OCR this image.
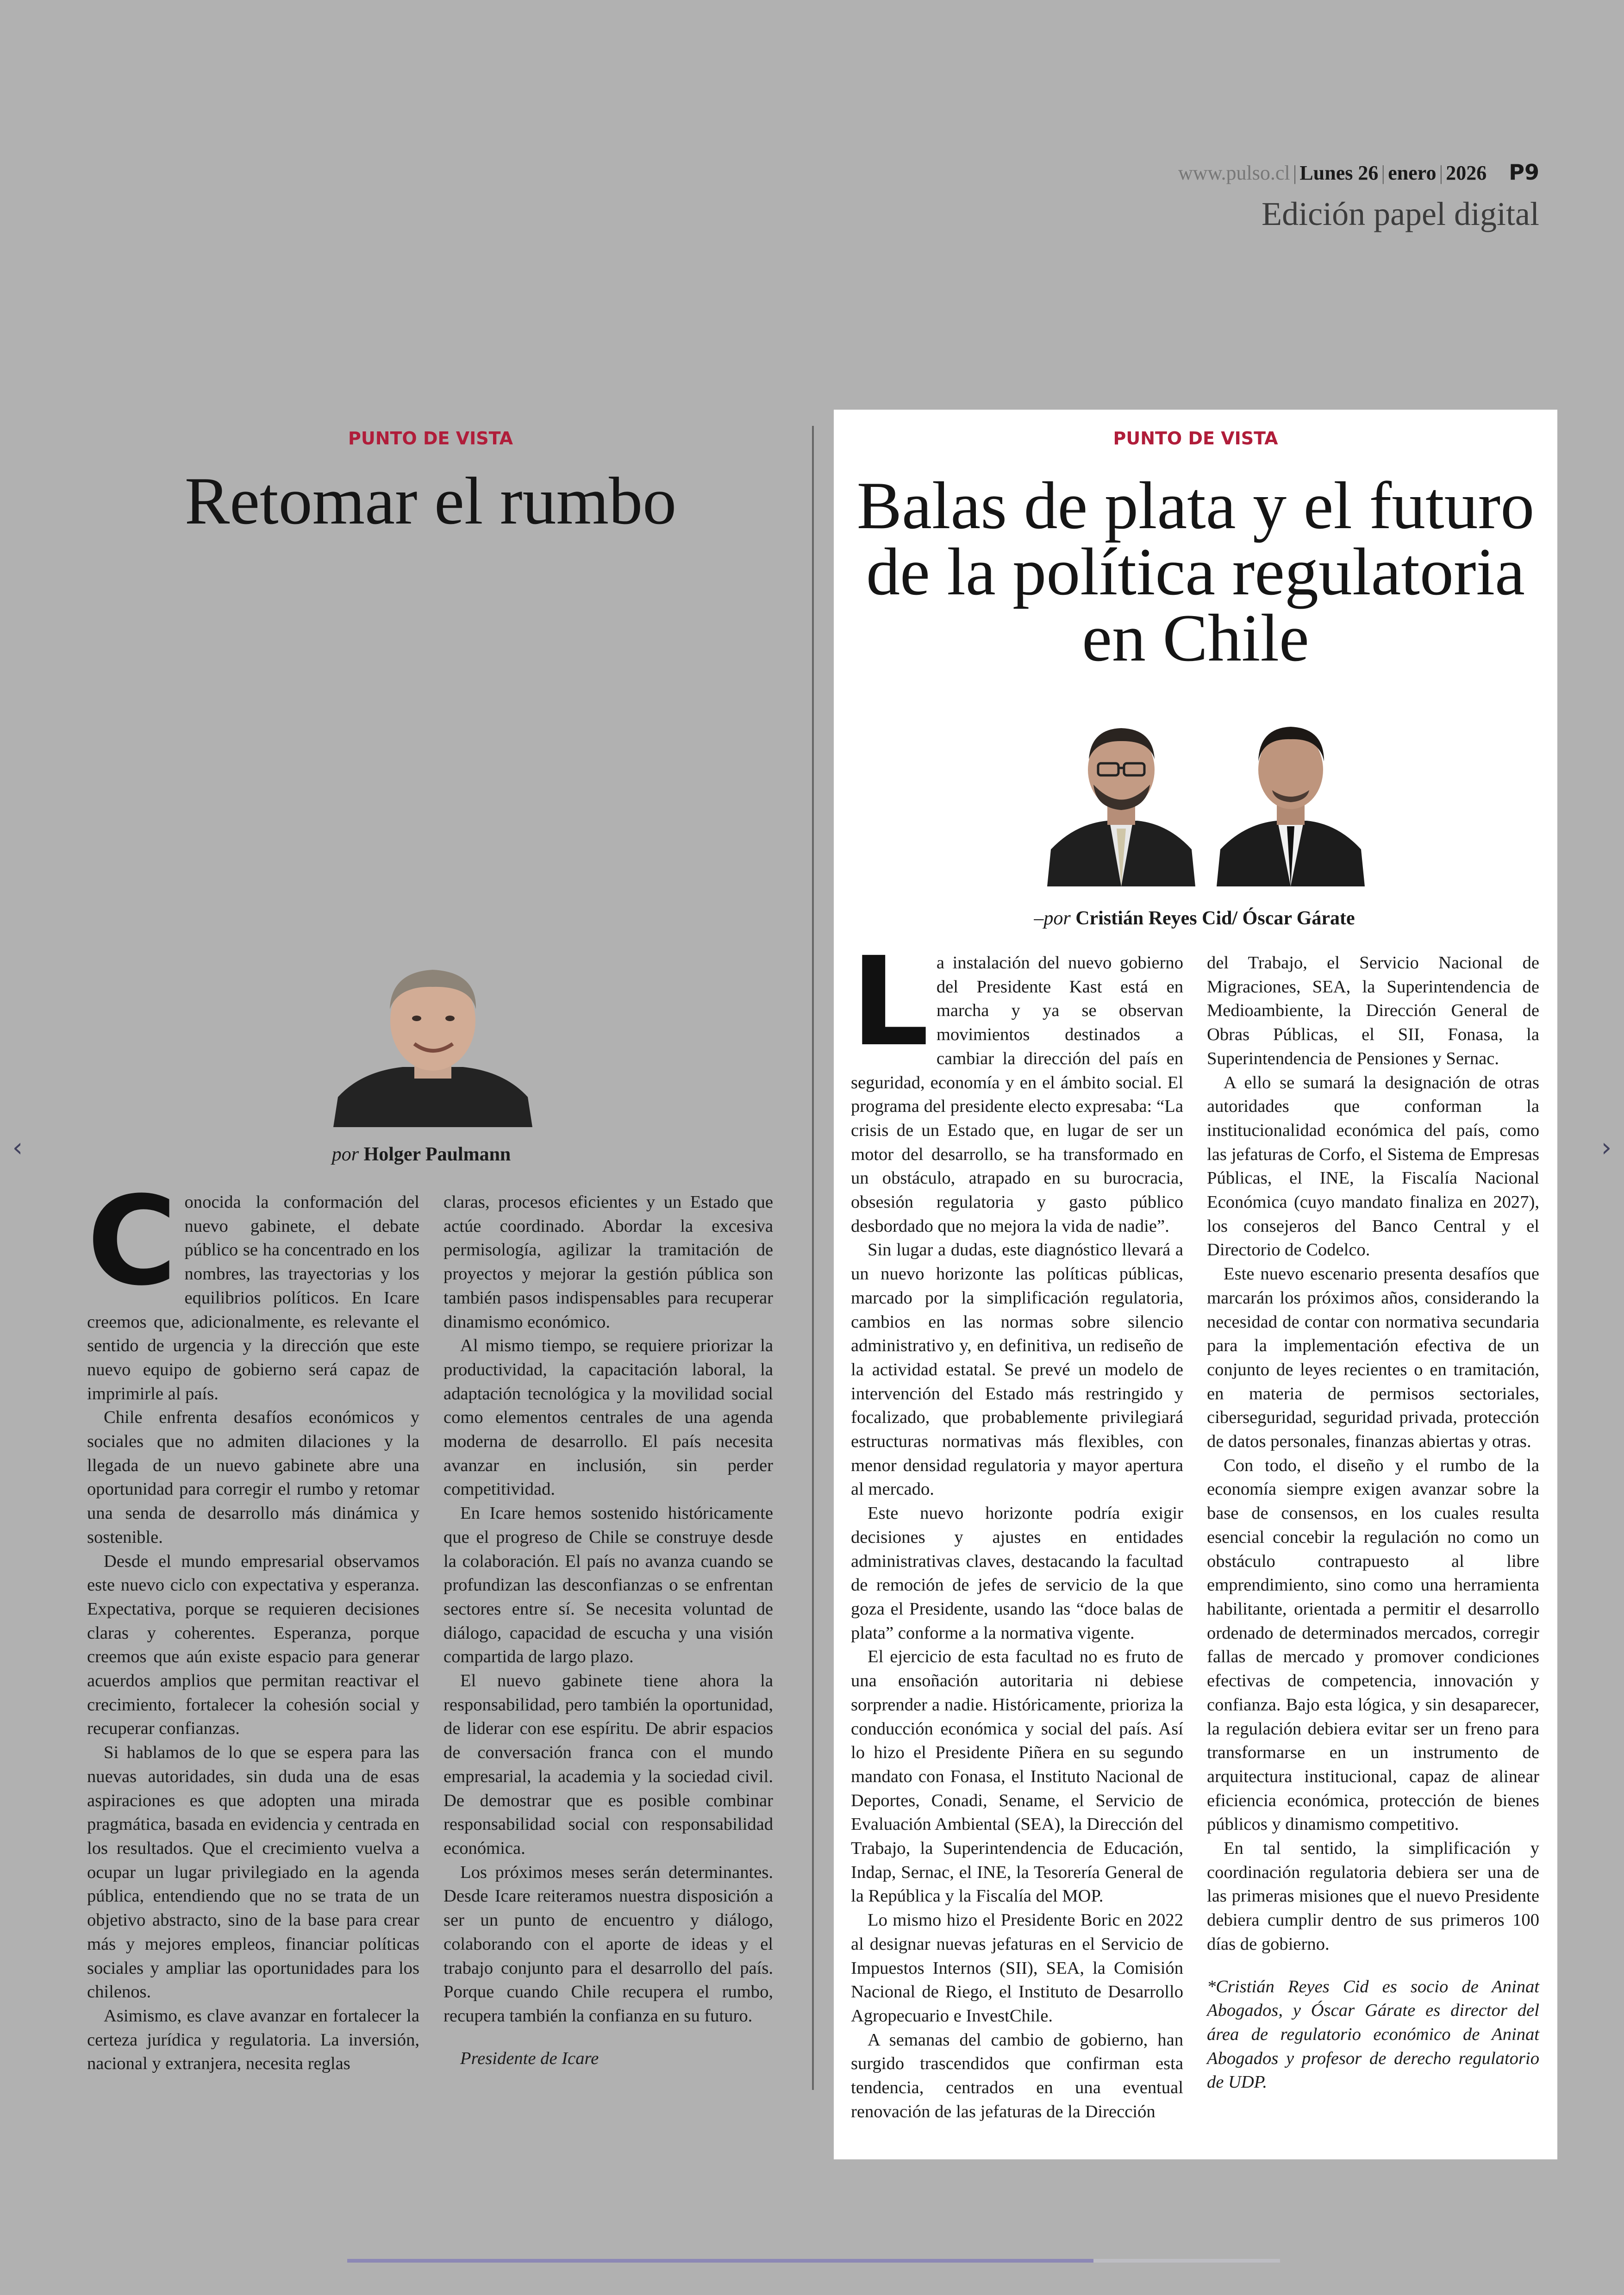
www.pulso.cl | Lunes 26 | enero | 2026 P9
Edición papel digital
‹	›
PUNTO DE VISTA
Retomar el rumbo
por Holger Paulmann

Conocida la conformación del nuevo gabinete, el debate público se ha concentrado en los nombres, las trayectorias y los equilibrios políticos. En Icare creemos que, adicionalmente, es relevante el sentido de urgencia y la dirección que este nuevo equipo de gobierno será capaz de imprimirle al país.

Chile enfrenta desafíos económicos y sociales que no admiten dilaciones y la llegada de un nuevo gabinete abre una oportunidad para corregir el rumbo y retomar una senda de desarrollo más dinámica y sostenible.

Desde el mundo empresarial observamos este nuevo ciclo con expectativa y esperanza. Expectativa, porque se requieren decisiones claras y coherentes. Esperanza, porque creemos que aún existe espacio para generar acuerdos amplios que permitan reactivar el crecimiento, fortalecer la cohesión social y recuperar confianzas.

Si hablamos de lo que se espera para las nuevas autoridades, sin duda una de esas aspiraciones es que adopten una mirada pragmática, basada en evidencia y centrada en los resultados. Que el crecimiento vuelva a ocupar un lugar privilegiado en la agenda pública, entendiendo que no se trata de un objetivo abstracto, sino de la base para crear más y mejores empleos, financiar políticas sociales y ampliar las oportunidades para los chilenos.

Asimismo, es clave avanzar en fortalecer la certeza jurídica y regulatoria. La inversión, nacional y extranjera, necesita reglas

claras, procesos eficientes y un Estado que actúe coordinado. Abordar la excesiva permisología, agilizar la tramitación de proyectos y mejorar la gestión pública son también pasos indispensables para recuperar dinamismo económico.

Al mismo tiempo, se requiere priorizar la productividad, la capacitación laboral, la adaptación tecnológica y la movilidad social como elementos centrales de una agenda moderna de desarrollo. El país necesita avanzar en inclusión, sin perder competitividad.

En Icare hemos sostenido históricamente que el progreso de Chile se construye desde la colaboración. El país no avanza cuando se profundizan las desconfianzas o se enfrentan sectores entre sí. Se necesita voluntad de diálogo, capacidad de escucha y una visión compartida de largo plazo.

El nuevo gabinete tiene ahora la responsabilidad, pero también la oportunidad, de liderar con ese espíritu. De abrir espacios de conversación franca con el mundo empresarial, la academia y la sociedad civil. De demostrar que es posible combinar responsabilidad social con responsabilidad económica.

Los próximos meses serán determinantes. Desde Icare reiteramos nuestra disposición a ser un punto de encuentro y diálogo, colaborando con el aporte de ideas y el trabajo conjunto para el desarrollo del país. Porque cuando Chile recupera el rumbo, recupera también la confianza en su futuro.

Presidente de Icare

PUNTO DE VISTA
Balas de plata y el futuro de la política regulatoria en Chile
–por Cristián Reyes Cid/ Óscar Gárate

La instalación del nuevo gobierno del Presidente Kast está en marcha y ya se observan movimientos destinados a cambiar la dirección del país en seguridad, economía y en el ámbito social. El programa del presidente electo expresaba: “La crisis de un Estado que, en lugar de ser un motor del desarrollo, se ha transformado en un obstáculo, atrapado en su burocracia, obsesión regulatoria y gasto público desbordado que no mejora la vida de nadie”.

Sin lugar a dudas, este diagnóstico llevará a un nuevo horizonte las políticas públicas, marcado por la simplificación regulatoria, cambios en las normas sobre silencio administrativo y, en definitiva, un rediseño de la actividad estatal. Se prevé un modelo de intervención del Estado más restringido y focalizado, que probablemente privilegiará estructuras normativas más flexibles, con menor densidad regulatoria y mayor apertura al mercado.

Este nuevo horizonte podría exigir decisiones y ajustes en entidades administrativas claves, destacando la facultad de remoción de jefes de servicio de la que goza el Presidente, usando las “doce balas de plata” conforme a la normativa vigente.

El ejercicio de esta facultad no es fruto de una ensoñación autoritaria ni debiese sorprender a nadie. Históricamente, prioriza la conducción económica y social del país. Así lo hizo el Presidente Piñera en su segundo mandato con Fonasa, el Instituto Nacional de Deportes, Conadi, Sename, el Servicio de Evaluación Ambiental (SEA), la Dirección del Trabajo, la Superintendencia de Educación, Indap, Sernac, el INE, la Tesorería General de la República y la Fiscalía del MOP.

Lo mismo hizo el Presidente Boric en 2022 al designar nuevas jefaturas en el Servicio de Impuestos Internos (SII), SEA, la Comisión Nacional de Riego, el Instituto de Desarrollo Agropecuario e InvestChile.

A semanas del cambio de gobierno, han surgido trascendidos que confirman esta tendencia, centrados en una eventual renovación de las jefaturas de la Dirección

del Trabajo, el Servicio Nacional de Migraciones, SEA, la Superintendencia de Medioambiente, la Dirección General de Obras Públicas, el SII, Fonasa, la Superintendencia de Pensiones y Sernac.

A ello se sumará la designación de otras autoridades que conforman la institucionalidad económica del país, como las jefaturas de Corfo, el Sistema de Empresas Públicas, el INE, la Fiscalía Nacional Económica (cuyo mandato finaliza en 2027), los consejeros del Banco Central y el Directorio de Codelco.

Este nuevo escenario presenta desafíos que marcarán los próximos años, considerando la necesidad de contar con normativa secundaria para la implementación efectiva de un conjunto de leyes recientes o en tramitación, en materia de permisos sectoriales, ciberseguridad, seguridad privada, protección de datos personales, finanzas abiertas y otras.

Con todo, el diseño y el rumbo de la economía siempre exigen avanzar sobre la base de consensos, en los cuales resulta esencial concebir la regulación no como un obstáculo contrapuesto al libre emprendimiento, sino como una herramienta habilitante, orientada a permitir el desarrollo ordenado de determinados mercados, corregir fallas de mercado y promover condiciones efectivas de competencia, innovación y confianza. Bajo esta lógica, y sin desaparecer, la regulación debiera evitar ser un freno para transformarse en un instrumento de arquitectura institucional, capaz de alinear eficiencia económica, protección de bienes públicos y dinamismo competitivo.

En tal sentido, la simplificación y coordinación regulatoria debiera ser una de las primeras misiones que el nuevo Presidente debiera cumplir dentro de sus primeros 100 días de gobierno.

*Cristián Reyes Cid es socio de Aninat Abogados, y Óscar Gárate es director del área de regulatorio económico de Aninat Abogados y profesor de derecho regulatorio de UDP.
